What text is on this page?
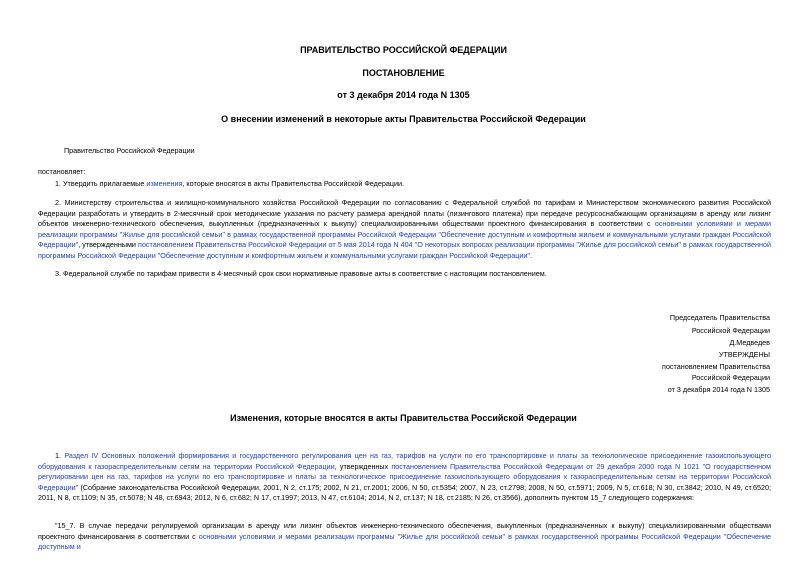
ПРАВИТЕЛЬСТВО РОССИЙСКОЙ ФЕДЕРАЦИИ
ПОСТАНОВЛЕНИЕ
от 3 декабря 2014 года N 1305
О внесении изменений в некоторые акты Правительства Российской Федерации
Правительство Российской Федерации
постановляет:
1. Утвердить прилагаемые изменения, которые вносятся в акты Правительства Российской Федерации.
2. Министерству строительства и жилищно-коммунального хозяйства Российской Федерации по согласованию с Федеральной службой по тарифам и Министерством экономического развития Российской Федерации разработать и утвердить в 2-месячный срок методические указания по расчету размера арендной платы (лизингового платежа) при передаче ресурсоснабжающим организациям в аренду или лизинг объектов инженерно-технического обеспечения, выкупленных (предназначенных к выкупу) специализированными обществами проектного финансирования в соответствии с основными условиями и мерами реализации программы "Жилье для российской семьи" в рамках государственной программы Российской Федерации "Обеспечение доступным и комфортным жильем и коммунальными услугами граждан Российской Федерации", утвержденными постановлением Правительства Российской Федерации от 5 мая 2014 года N 404 "О некоторых вопросах реализации программы "Жилье для российской семьи" в рамках государственной программы Российской Федерации "Обеспечение доступным и комфортным жильем и коммунальными услугами граждан Российской Федерации".
3. Федеральной службе по тарифам привести в 4-месячный срок свои нормативные правовые акты в соответствие с настоящим постановлением.
Председатель Правительства
Российской Федерации
Д.Медведев
УТВЕРЖДЕНЫ
постановлением Правительства
Российской Федерации
от 3 декабря 2014 года N 1305
Изменения, которые вносятся в акты Правительства Российской Федерации
1. Раздел IV Основных положений формирования и государственного регулирования цен на газ, тарифов на услуги по его транспортировке и платы за технологическое присоединение газоиспользующего оборудования к газораспределительным сетям на территории Российской Федерации, утвержденных постановлением Правительства Российской Федерации от 29 декабря 2000 года N 1021 "О государственном регулировании цен на газ, тарифов на услуги по его транспортировке и платы за технологическое присоединение газоиспользующего оборудования к газораспределительным сетям на территории Российской Федерации" (Собрание законодательства Российской Федерации, 2001, N 2, ст.175; 2002, N 21, ст.2001; 2006, N 50, ст.5354; 2007, N 23, ст.2798; 2008, N 50, ст.5971; 2009, N 5, ст.618; N 30, ст.3842; 2010, N 49, ст.6520; 2011, N 8, ст.1109; N 35, ст.5078; N 48, ст.6943; 2012, N 6, ст.682; N 17, ст.1997; 2013, N 47, ст.6104; 2014, N 2, ст.137; N 18, ст.2185; N 26, ст.3566), дополнить пунктом 15_7 следующего содержания:
"15_7. В случае передачи регулируемой организации в аренду или лизинг объектов инженерно-технического обеспечения, выкупленных (предназначенных к выкупу) специализированными обществами проектного финансирования в соответствии с основными условиями и мерами реализации программы "Жилье для российской семьи" в рамках государственной программы Российской Федерации "Обеспечение доступным и
